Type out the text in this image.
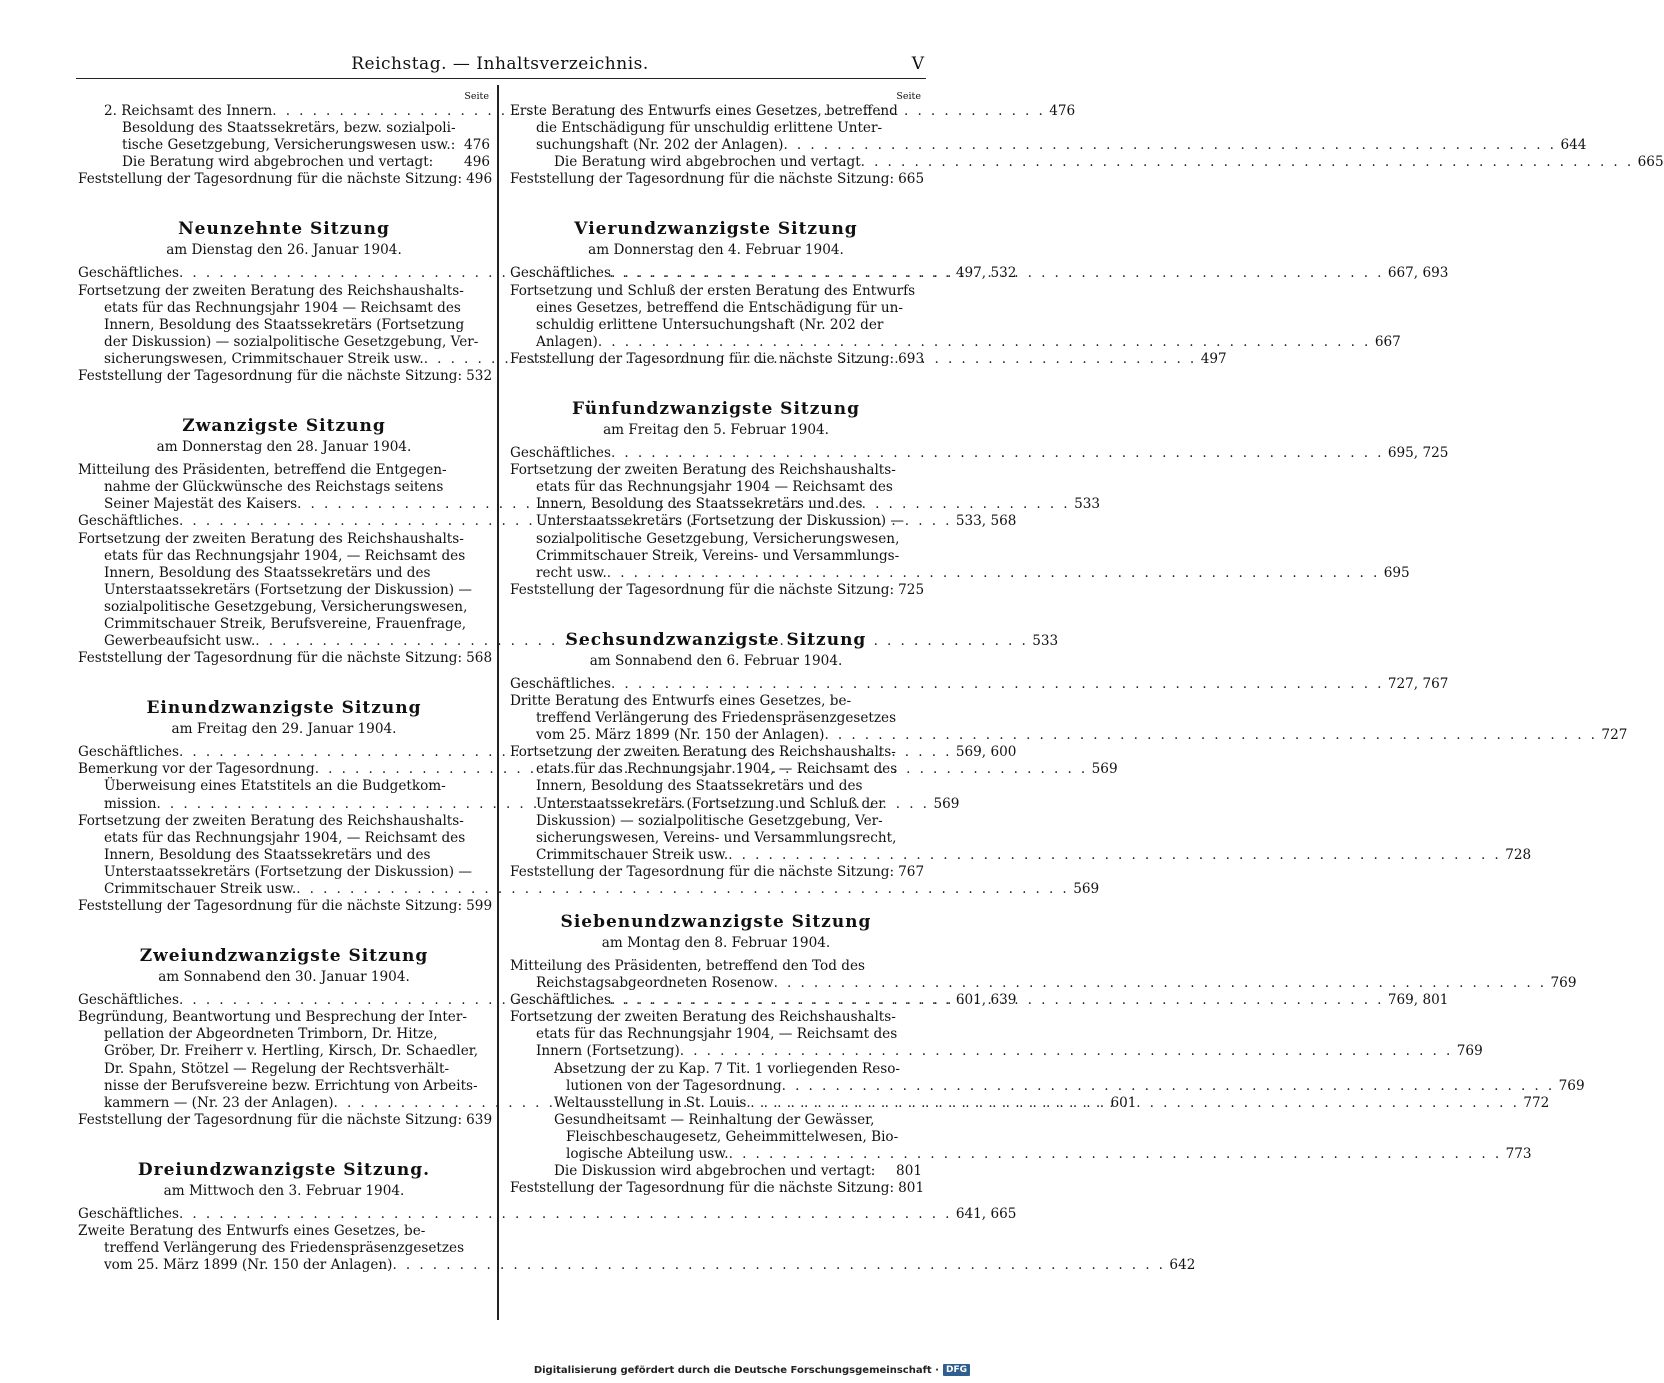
Reichstag. — Inhaltsverzeichnis.	V
Seite
2. Reichsamt des Innern . . .	476
Besoldung des Staatssekretärs, bezw. sozialpoli-
tische Gesetzgebung, Versicherungswesen usw.: 476
Die Beratung wird abgebrochen und vertagt:	496
Feststellung der Tagesordnung für die nächste Sitzung: 496
Neunzehnte Sitzung
am Dienstag den 26. Januar 1904.
Geschäftliches . . .	497, 532
Fortsetzung der zweiten Beratung des Reichshaushalts-
etats für das Rechnungsjahr 1904 — Reichsamt des
Innern, Besoldung des Staatssekretärs (Fortsetzung
der Diskussion) — sozialpolitische Gesetzgebung, Ver-
sicherungswesen, Crimmitschauer Streik usw. . . .	497
Feststellung der Tagesordnung für die nächste Sitzung: 532
Zwanzigste Sitzung
am Donnerstag den 28. Januar 1904.
Mitteilung des Präsidenten, betreffend die Entgegen-
nahme der Glückwünsche des Reichstags seitens
Seiner Majestät des Kaisers . . .	533
Geschäftliches . . .	533, 568
Fortsetzung der zweiten Beratung des Reichshaushalts-
etats für das Rechnungsjahr 1904, — Reichsamt des
Innern, Besoldung des Staatssekretärs und des
Unterstaatssekretärs (Fortsetzung der Diskussion) —
sozialpolitische Gesetzgebung, Versicherungswesen,
Crimmitschauer Streik, Berufsvereine, Frauenfrage,
Gewerbeaufsicht usw. . . .	533
Feststellung der Tagesordnung für die nächste Sitzung: 568
Einundzwanzigste Sitzung
am Freitag den 29. Januar 1904.
Geschäftliches . . .	569, 600
Bemerkung vor der Tagesordnung . . .	569
Überweisung eines Etatstitels an die Budgetkom-
mission . . .	569
Fortsetzung der zweiten Beratung des Reichshaushalts-
etats für das Rechnungsjahr 1904, — Reichsamt des
Innern, Besoldung des Staatssekretärs und des
Unterstaatssekretärs (Fortsetzung der Diskussion) —
Crimmitschauer Streik usw. . . .	569
Feststellung der Tagesordnung für die nächste Sitzung: 599
Zweiundzwanzigste Sitzung
am Sonnabend den 30. Januar 1904.
Geschäftliches . . .	601, 639
Begründung, Beantwortung und Besprechung der Inter-
pellation der Abgeordneten Trimborn, Dr. Hitze,
Gröber, Dr. Freiherr v. Hertling, Kirsch, Dr. Schaedler,
Dr. Spahn, Stötzel — Regelung der Rechtsverhält-
nisse der Berufsvereine bezw. Errichtung von Arbeits-
kammern — (Nr. 23 der Anlagen) . . .	601
Feststellung der Tagesordnung für die nächste Sitzung: 639
Dreiundzwanzigste Sitzung.
am Mittwoch den 3. Februar 1904.
Geschäftliches . . .	641, 665
Zweite Beratung des Entwurfs eines Gesetzes, be-
treffend Verlängerung des Friedenspräsenzgesetzes
vom 25. März 1899 (Nr. 150 der Anlagen) . . .	642
Seite
Erste Beratung des Entwurfs eines Gesetzes, betreffend
die Entschädigung für unschuldig erlittene Unter-
suchungshaft (Nr. 202 der Anlagen) . . .	644
Die Beratung wird abgebrochen und vertagt . . .	665
Feststellung der Tagesordnung für die nächste Sitzung: 665
Vierundzwanzigste Sitzung
am Donnerstag den 4. Februar 1904.
Geschäftliches . . .	667, 693
Fortsetzung und Schluß der ersten Beratung des Entwurfs
eines Gesetzes, betreffend die Entschädigung für un-
schuldig erlittene Untersuchungshaft (Nr. 202 der
Anlagen) . . .	667
Feststellung der Tagesordnung für die nächste Sitzung: 693
Fünfundzwanzigste Sitzung
am Freitag den 5. Februar 1904.
Geschäftliches . . .	695, 725
Fortsetzung der zweiten Beratung des Reichshaushalts-
etats für das Rechnungsjahr 1904 — Reichsamt des
Innern, Besoldung des Staatssekretärs und des
Unterstaatssekretärs (Fortsetzung der Diskussion) —
sozialpolitische Gesetzgebung, Versicherungswesen,
Crimmitschauer Streik, Vereins- und Versammlungs-
recht usw. . . .	695
Feststellung der Tagesordnung für die nächste Sitzung: 725
Sechsundzwanzigste Sitzung
am Sonnabend den 6. Februar 1904.
Geschäftliches . . .	727, 767
Dritte Beratung des Entwurfs eines Gesetzes, be-
treffend Verlängerung des Friedenspräsenzgesetzes
vom 25. März 1899 (Nr. 150 der Anlagen) . . .	727
Fortsetzung der zweiten Beratung des Reichshaushalts-
etats für das Rechnungsjahr 1904, — Reichsamt des
Innern, Besoldung des Staatssekretärs und des
Unterstaatssekretärs (Fortsetzung und Schluß der
Diskussion) — sozialpolitische Gesetzgebung, Ver-
sicherungswesen, Vereins- und Versammlungsrecht,
Crimmitschauer Streik usw. . . .	728
Feststellung der Tagesordnung für die nächste Sitzung: 767
Siebenundzwanzigste Sitzung
am Montag den 8. Februar 1904.
Mitteilung des Präsidenten, betreffend den Tod des
Reichstagsabgeordneten Rosenow . . .	769
Geschäftliches . . .	769, 801
Fortsetzung der zweiten Beratung des Reichshaushalts-
etats für das Rechnungsjahr 1904, — Reichsamt des
Innern (Fortsetzung) . . .	769
Absetzung der zu Kap. 7 Tit. 1 vorliegenden Reso-
lutionen von der Tagesordnung . . .	769
Weltausstellung in St. Louis . . .	772
Gesundheitsamt — Reinhaltung der Gewässer,
Fleischbeschaugesetz, Geheimmittelwesen, Bio-
logische Abteilung usw. . . .	773
Die Diskussion wird abgebrochen und vertagt:	801
Feststellung der Tagesordnung für die nächste Sitzung: 801
Digitalisierung gefördert durch die Deutsche Forschungsgemeinschaft · DFG
